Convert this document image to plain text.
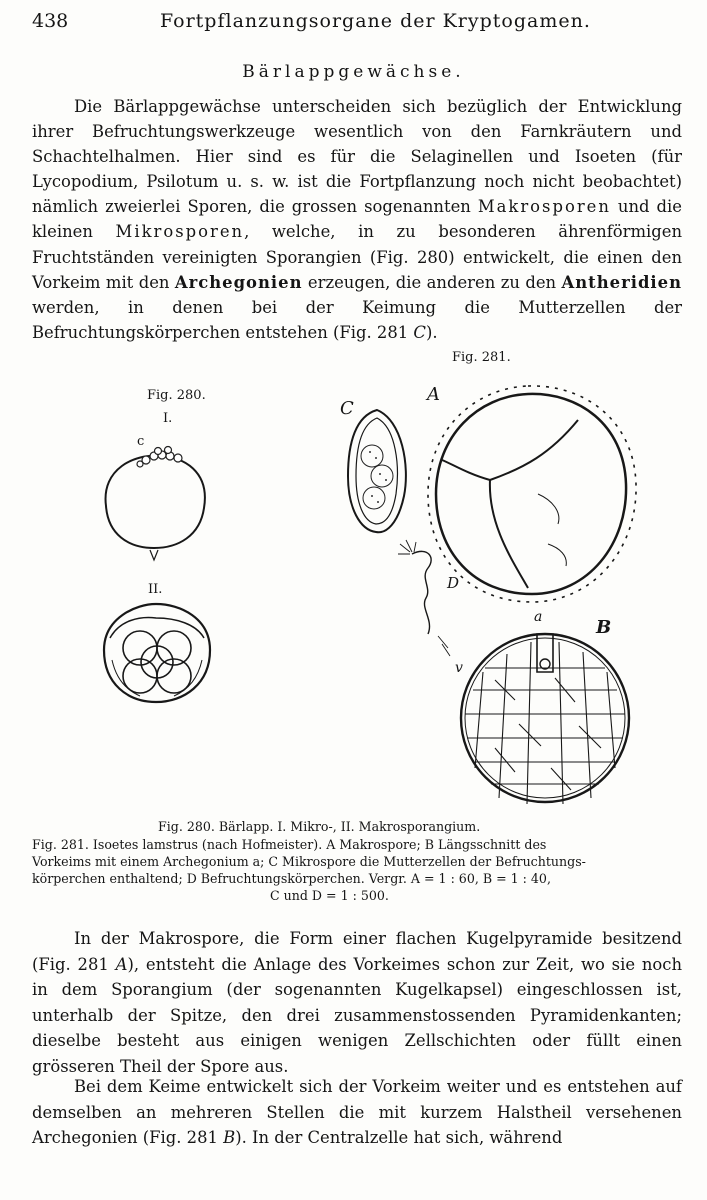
438	Fortpflanzungsorgane der Kryptogamen.
Bärlappgewächse.

Die Bärlappgewächse unterscheiden sich bezüglich der Entwicklung ihrer Befruchtungswerkzeuge wesentlich von den Farnkräutern und Schachtelhalmen. Hier sind es für die Selaginellen und Isoeten (für Lycopodium, Psilotum u. s. w. ist die Fortpflanzung noch nicht beobachtet) nämlich zweierlei Sporen, die grossen sogenannten Makrosporen und die kleinen Mikrosporen, welche, in zu besonderen ährenförmigen Fruchtständen vereinigten Sporangien (Fig. 280) entwickelt, die einen den Vorkeim mit den Archegonien erzeugen, die anderen zu den Antheridien werden, in denen bei der Keimung die Mutterzellen der Befruchtungskörperchen entstehen (Fig. 281 C).

Fig. 281.
Fig. 280.
I.
c
II.
C
A
D
a	B
v

Fig. 280. Bärlapp. I. Mikro-, II. Makrosporangium.

Fig. 281. Isoetes lamstrus (nach Hofmeister). A Makrospore; B Längsschnitt des

Vorkeims mit einem Archegonium a; C Mikrospore die Mutterzellen der Befruchtungs-

körperchen enthaltend; D Befruchtungskörperchen. Vergr. A = 1 : 60, B = 1 : 40,

C und D = 1 : 500.

In der Makrospore, die Form einer flachen Kugelpyramide besitzend (Fig. 281 A), entsteht die Anlage des Vorkeimes schon zur Zeit, wo sie noch in dem Sporangium (der sogenannten Kugelkapsel) eingeschlossen ist, unterhalb der Spitze, den drei zusammenstossenden Pyramidenkanten; dieselbe besteht aus einigen wenigen Zellschichten oder füllt einen grösseren Theil der Spore aus.

Bei dem Keime entwickelt sich der Vorkeim weiter und es entstehen auf demselben an mehreren Stellen die mit kurzem Halstheil versehenen Archegonien (Fig. 281 B). In der Centralzelle hat sich, während
